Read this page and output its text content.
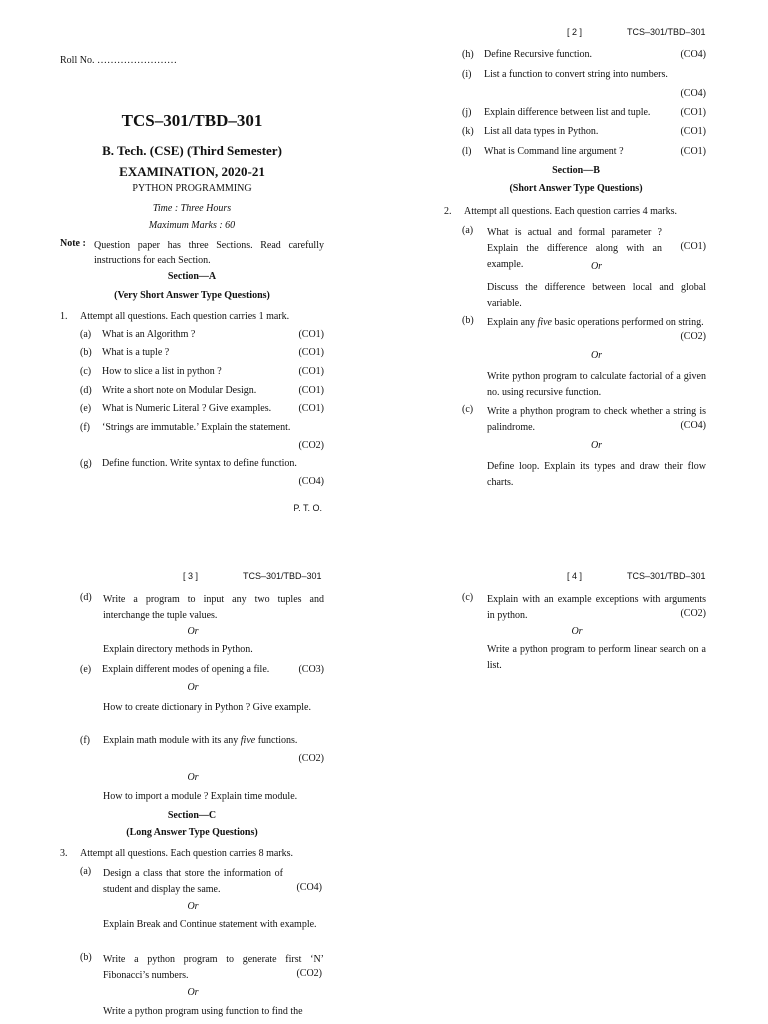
Roll No. ……………………
TCS–301/TBD–301
B. Tech. (CSE) (Third Semester)
EXAMINATION, 2020-21
PYTHON PROGRAMMING
Time : Three Hours
Maximum Marks : 60
Note : Question paper has three Sections. Read carefully instructions for each Section.
Section—A
(Very Short Answer Type Questions)
1. Attempt all questions. Each question carries 1 mark.
(a) What is an Algorithm ?	(CO1)
(b) What is a tuple ?	(CO1)
(c) How to slice a list in python ?	(CO1)
(d) Write a short note on Modular Design.	(CO1)
(e) What is Numeric Literal ? Give examples.	(CO1)
(f) ‘Strings are immutable.’ Explain the statement.
(CO2)
(g) Define function. Write syntax to define function.
(CO4)
P. T. O.
[ 2 ]	TCS–301/TBD–301
(h) Define Recursive function.	(CO4)
(i) List a function to convert string into numbers.
(CO4)
(j) Explain difference between list and tuple.	(CO1)
(k) List all data types in Python.	(CO1)
(l) What is Command line argument ?	(CO1)
Section—B
(Short Answer Type Questions)
2. Attempt all questions. Each question carries 4 marks.
(a) What is actual and formal parameter ? Explain the difference along with an example.
(CO1)
Or
Discuss the difference between local and global variable.
(b) Explain any five basic operations performed on string.
(CO2)
Or
Write python program to calculate factorial of a given no. using recursive function.
(c) Write a phython program to check whether a string is palindrome.	(CO4)
Or
Define loop. Explain its types and draw their flow charts.
[ 3 ]	TCS–301/TBD–301
(d) Write a program to input any two tuples and interchange the tuple values.
Or
Explain directory methods in Python.
(e) Explain different modes of opening a file.	(CO3)
Or
How to create dictionary in Python ? Give example.
(f) Explain math module with its any five functions.
(CO2)
Or
How to import a module ? Explain time module.
Section—C
(Long Answer Type Questions)
3. Attempt all questions. Each question carries 8 marks.
(a) Design a class that store the information of student and display the same.	(CO4)
Or
Explain Break and Continue statement with example.
(b) Write a python program to generate first ‘N’ Fibonacci’s numbers.	(CO2)
Or
Write a python program using function to find the
[ 4 ]	TCS–301/TBD–301
(c) Explain with an example exceptions with arguments in python.	(CO2)
Or
Write a python program to perform linear search on a list.
